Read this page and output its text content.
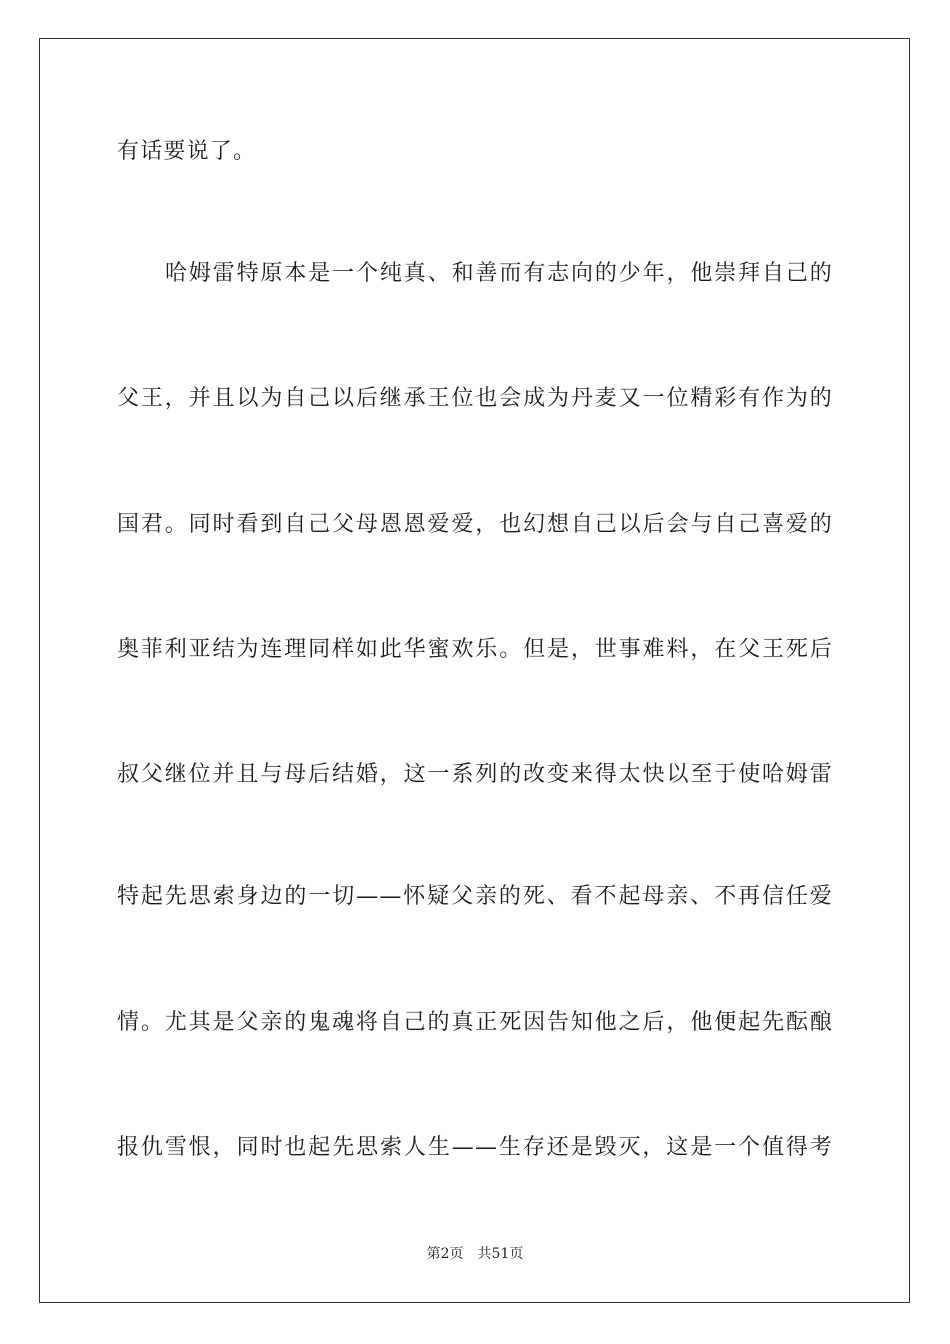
有话要说了。
哈姆雷特原本是一个纯真、和善而有志向的少年，他崇拜自己的
父王，并且以为自己以后继承王位也会成为丹麦又一位精彩有作为的
国君。同时看到自己父母恩恩爱爱，也幻想自己以后会与自己喜爱的
奥菲利亚结为连理同样如此华蜜欢乐。但是，世事难料，在父王死后
叔父继位并且与母后结婚，这一系列的改变来得太快以至于使哈姆雷
特起先思索身边的一切——怀疑父亲的死、看不起母亲、不再信任爱
情。尤其是父亲的鬼魂将自己的真正死因告知他之后，他便起先酝酿
报仇雪恨，同时也起先思索人生——生存还是毁灭，这是一个值得考
第2页 共51页
